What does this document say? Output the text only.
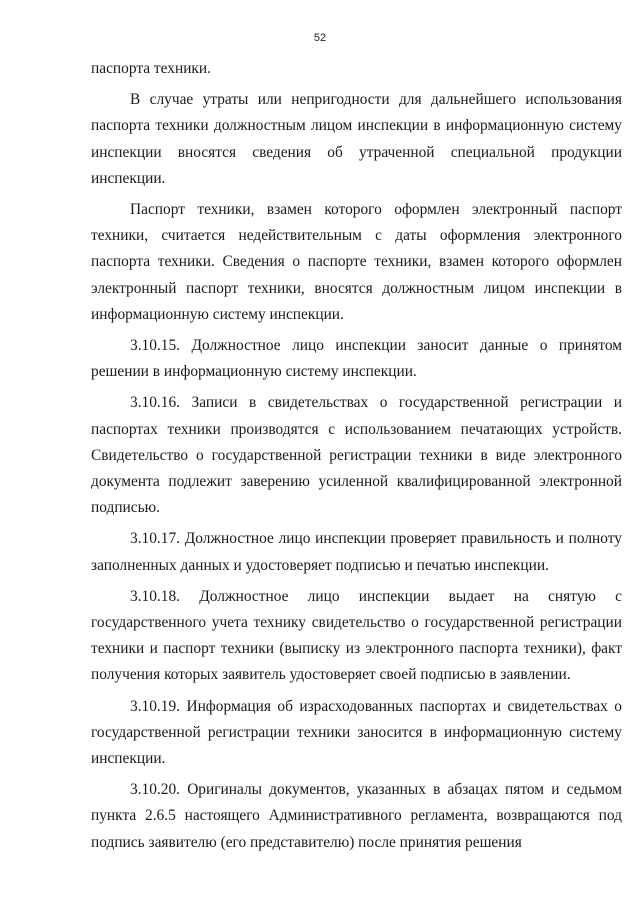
52

паспорта техники.

В случае утраты или непригодности для дальнейшего использования паспорта техники должностным лицом инспекции в информационную систему инспекции вносятся сведения об утраченной специальной продукции инспекции.

Паспорт техники, взамен которого оформлен электронный паспорт техники, считается недействительным с даты оформления электронного паспорта техники. Сведения о паспорте техники, взамен которого оформлен электронный паспорт техники, вносятся должностным лицом инспекции в информационную систему инспекции.

3.10.15. Должностное лицо инспекции заносит данные о принятом решении в информационную систему инспекции.

3.10.16. Записи в свидетельствах о государственной регистрации и паспортах техники производятся с использованием печатающих устройств. Свидетельство о государственной регистрации техники в виде электронного документа подлежит заверению усиленной квалифицированной электронной подписью.

3.10.17. Должностное лицо инспекции проверяет правильность и полноту заполненных данных и удостоверяет подписью и печатью инспекции.

3.10.18. Должностное лицо инспекции выдает на снятую с государственного учета технику свидетельство о государственной регистрации техники и паспорт техники (выписку из электронного паспорта техники), факт получения которых заявитель удостоверяет своей подписью в заявлении.

3.10.19. Информация об израсходованных паспортах и свидетельствах о государственной регистрации техники заносится в информационную систему инспекции.

3.10.20. Оригиналы документов, указанных в абзацах пятом и седьмом пункта 2.6.5 настоящего Административного регламента, возвращаются под подпись заявителю (его представителю) после принятия решения
